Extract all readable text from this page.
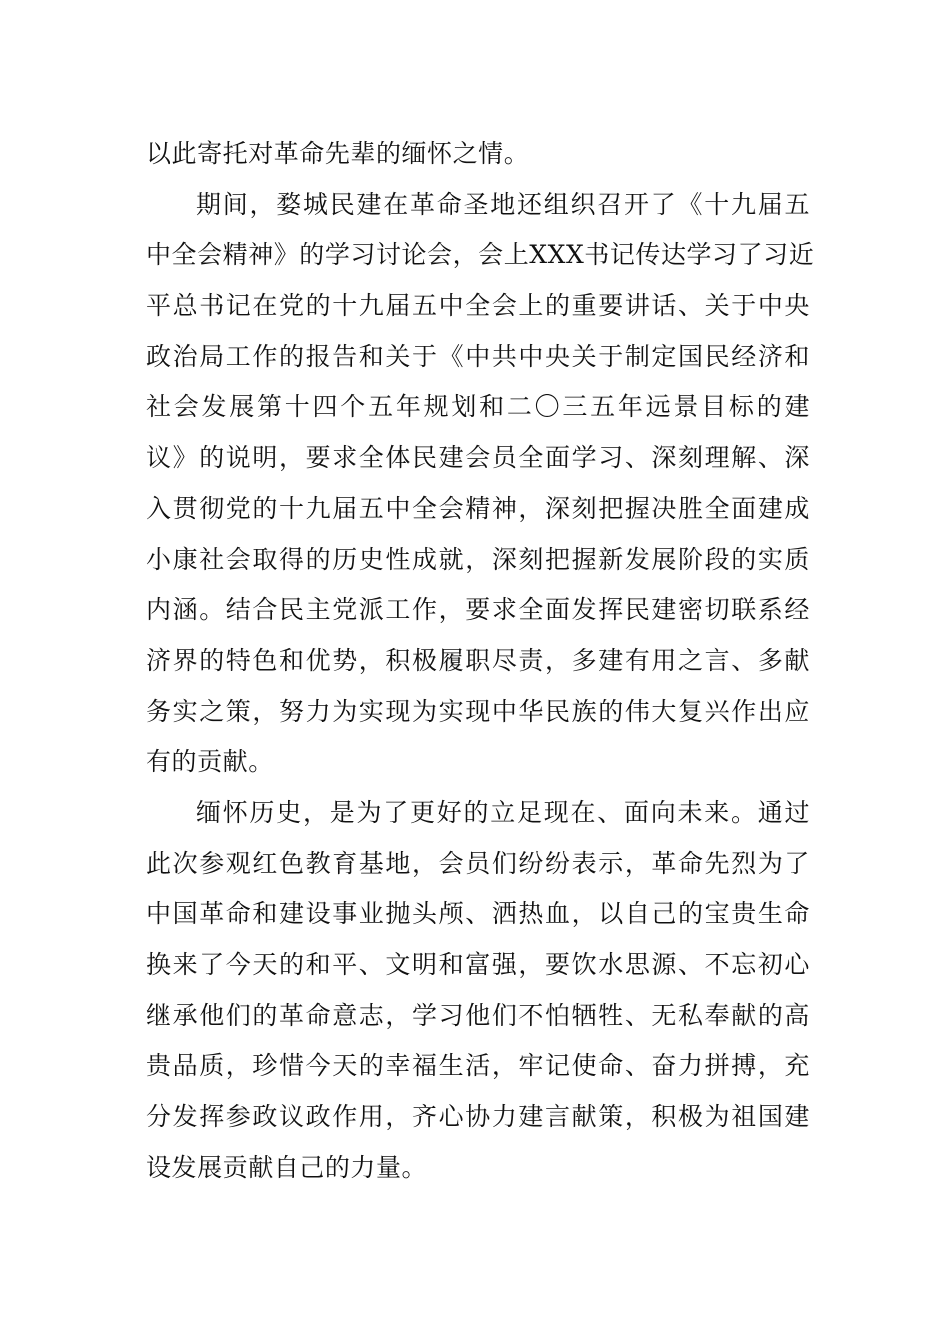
以此寄托对革命先辈的缅怀之情。
期间，婺城民建在革命圣地还组织召开了《十九届五
中全会精神》的学习讨论会，会上XXX书记传达学习了习近
平总书记在党的十九届五中全会上的重要讲话、关于中央
政治局工作的报告和关于《中共中央关于制定国民经济和
社会发展第十四个五年规划和二〇三五年远景目标的建
议》的说明，要求全体民建会员全面学习、深刻理解、深
入贯彻党的十九届五中全会精神，深刻把握决胜全面建成
小康社会取得的历史性成就，深刻把握新发展阶段的实质
内涵。结合民主党派工作，要求全面发挥民建密切联系经
济界的特色和优势，积极履职尽责，多建有用之言、多献
务实之策，努力为实现为实现中华民族的伟大复兴作出应
有的贡献。
缅怀历史，是为了更好的立足现在、面向未来。通过
此次参观红色教育基地，会员们纷纷表示，革命先烈为了
中国革命和建设事业抛头颅、洒热血，以自己的宝贵生命
换来了今天的和平、文明和富强，要饮水思源、不忘初心
继承他们的革命意志，学习他们不怕牺牲、无私奉献的高
贵品质，珍惜今天的幸福生活，牢记使命、奋力拼搏，充
分发挥参政议政作用，齐心协力建言献策，积极为祖国建
设发展贡献自己的力量。
